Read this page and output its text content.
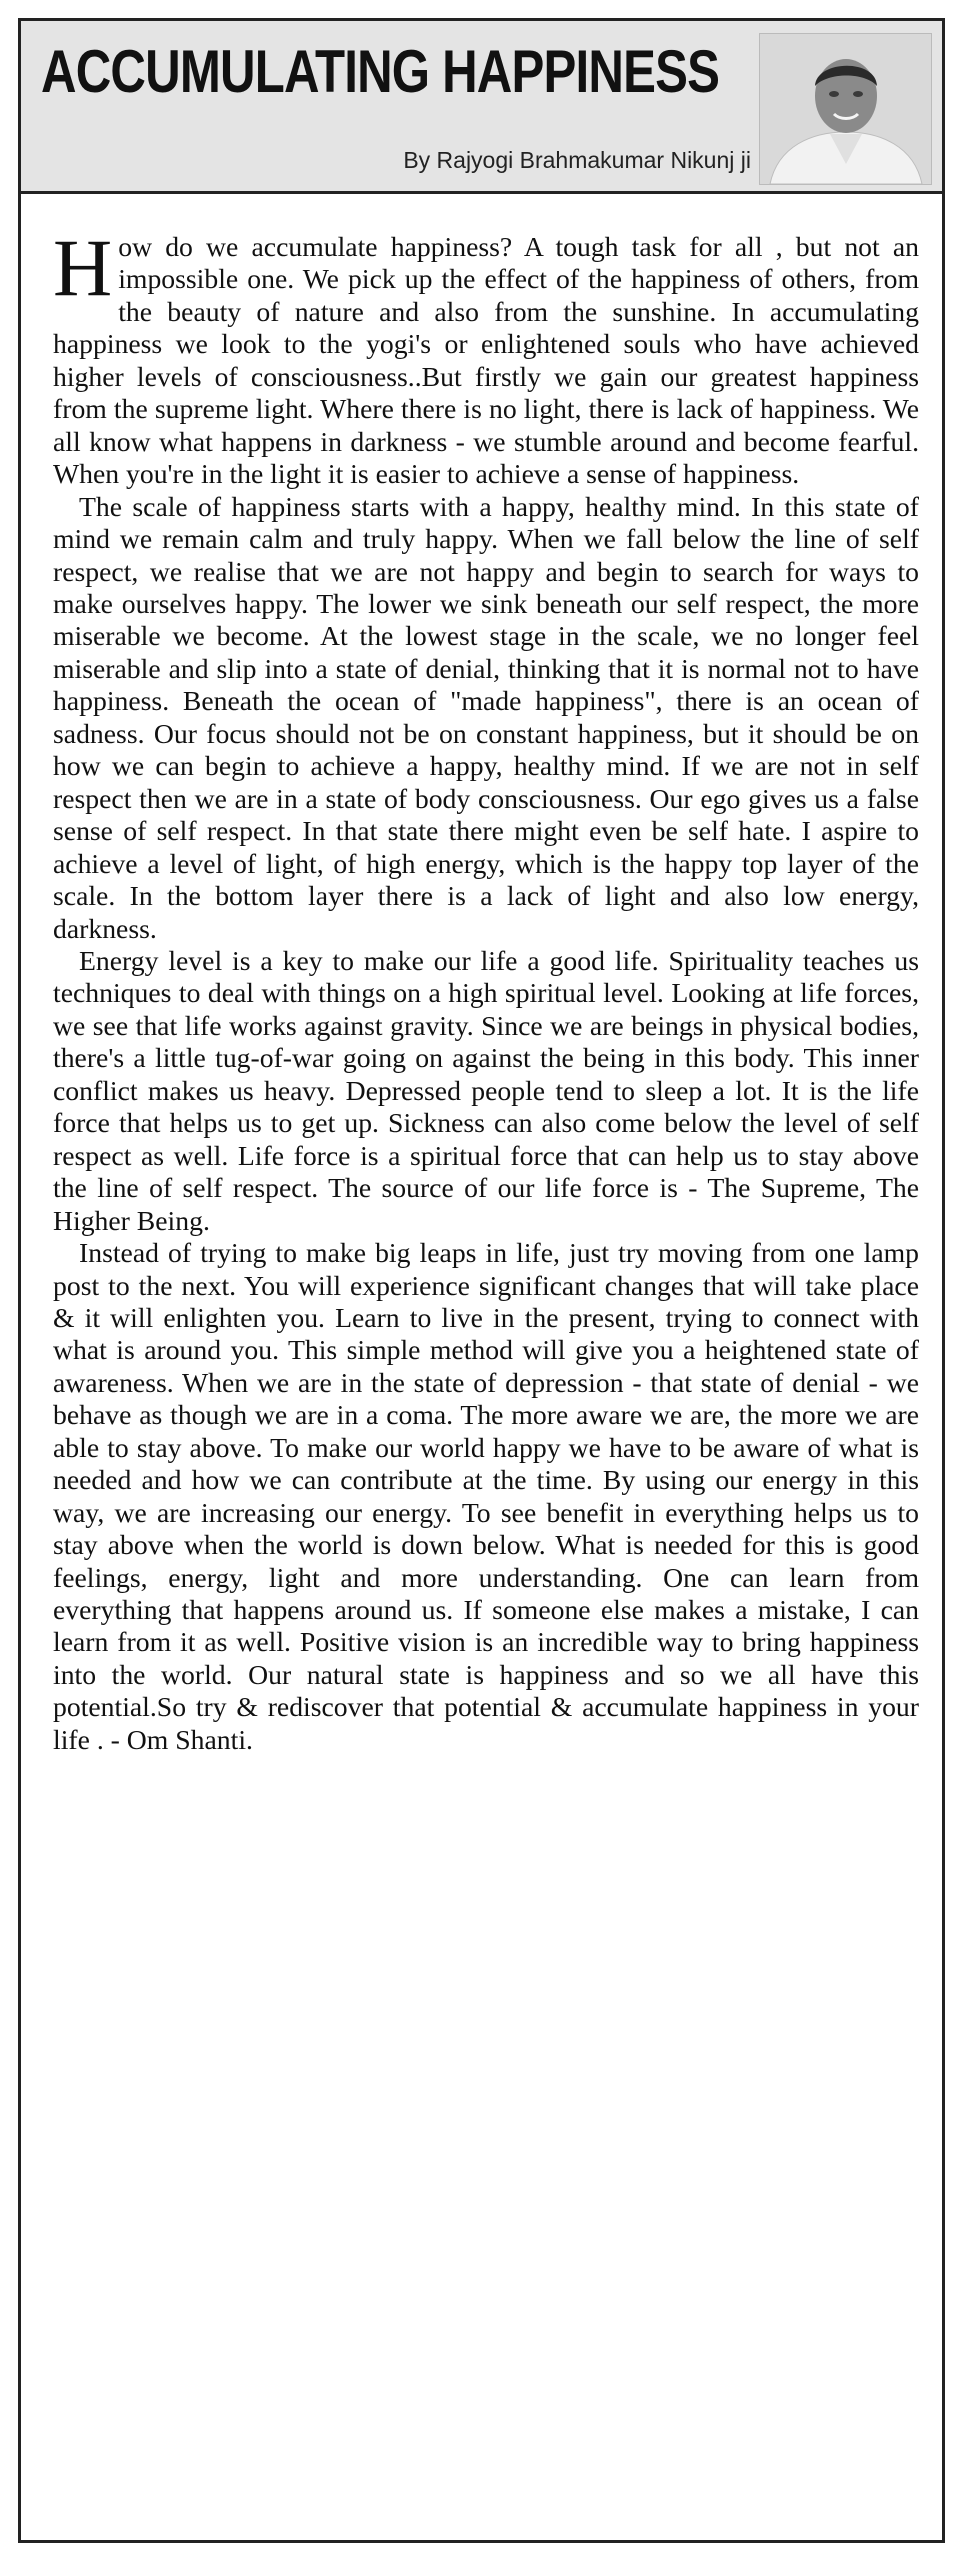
ACCUMULATING HAPPINESS
By Rajyogi Brahmakumar Nikunj ji

How do we accumulate happiness? A tough task for all , but not an impossible one. We pick up the effect of the happiness of others, from the beauty of nature and also from the sunshine. In accumulating happiness we look to the yogi's or enlightened souls who have achieved higher levels of consciousness..But firstly we gain our greatest happiness from the supreme light. Where there is no light, there is lack of happiness. We all know what happens in darkness - we stumble around and become fearful. When you're in the light it is easier to achieve a sense of happiness.

The scale of happiness starts with a happy, healthy mind. In this state of mind we remain calm and truly happy. When we fall below the line of self respect, we realise that we are not happy and begin to search for ways to make ourselves happy. The lower we sink beneath our self respect, the more miserable we become. At the lowest stage in the scale, we no longer feel miserable and slip into a state of denial, thinking that it is normal not to have happiness. Beneath the ocean of "made happiness", there is an ocean of sadness. Our focus should not be on constant happiness, but it should be on how we can begin to achieve a happy, healthy mind. If we are not in self respect then we are in a state of body consciousness. Our ego gives us a false sense of self respect. In that state there might even be self hate. I aspire to achieve a level of light, of high energy, which is the happy top layer of the scale. In the bottom layer there is a lack of light and also low energy, darkness.

Energy level is a key to make our life a good life. Spirituality teaches us techniques to deal with things on a high spiritual level. Looking at life forces, we see that life works against gravity. Since we are beings in physical bodies, there's a little tug-of-war going on against the being in this body. This inner conflict makes us heavy. Depressed people tend to sleep a lot. It is the life force that helps us to get up. Sickness can also come below the level of self respect as well. Life force is a spiritual force that can help us to stay above the line of self respect. The source of our life force is - The Supreme, The Higher Being.

Instead of trying to make big leaps in life, just try moving from one lamp post to the next. You will experience significant changes that will take place & it will enlighten you. Learn to live in the present, trying to connect with what is around you. This simple method will give you a heightened state of awareness. When we are in the state of depression - that state of denial - we behave as though we are in a coma. The more aware we are, the more we are able to stay above. To make our world happy we have to be aware of what is needed and how we can contribute at the time. By using our energy in this way, we are increasing our energy. To see benefit in everything helps us to stay above when the world is down below. What is needed for this is good feelings, energy, light and more understanding. One can learn from everything that happens around us. If someone else makes a mistake, I can learn from it as well. Positive vision is an incredible way to bring happiness into the world. Our natural state is happiness and so we all have this potential.So try & rediscover that potential & accumulate happiness in your life . - Om Shanti.
